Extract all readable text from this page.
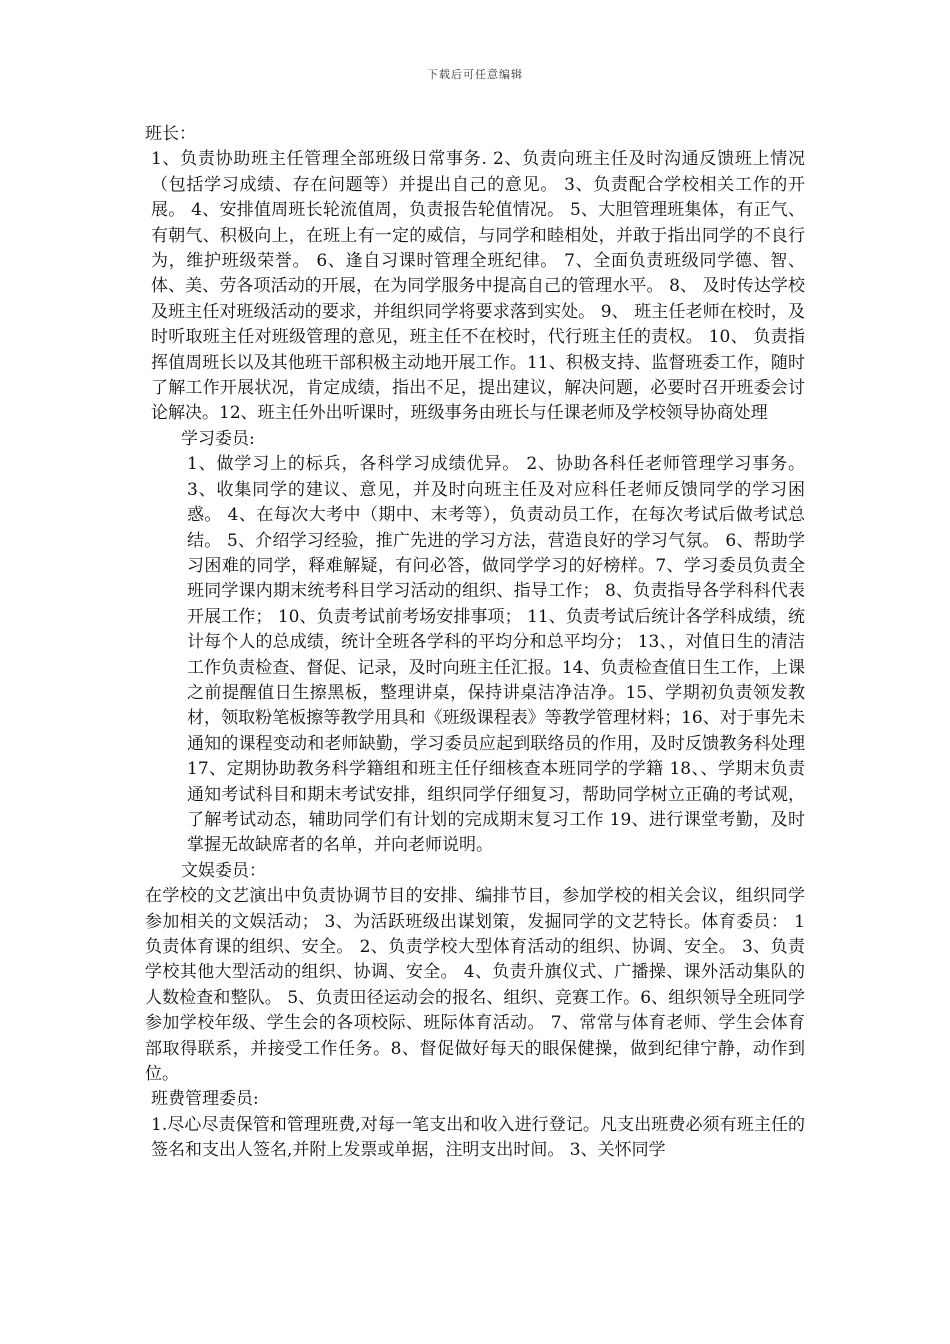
下载后可任意编辑

班长：

1、负责协助班主任管理全部班级日常事务. 2、负责向班主任及时沟通反馈班上情况（包括学习成绩、存在问题等）并提出自己的意见。 3、负责配合学校相关工作的开展。 4、安排值周班长轮流值周，负责报告轮值情况。 5、大胆管理班集体，有正气、有朝气、积极向上，在班上有一定的威信，与同学和睦相处，并敢于指出同学的不良行为，维护班级荣誉。 6、逢自习课时管理全班纪律。 7、全面负责班级同学德、智、体、美、劳各项活动的开展，在为同学服务中提高自己的管理水平。 8、 及时传达学校及班主任对班级活动的要求，并组织同学将要求落到实处。 9、 班主任老师在校时，及时听取班主任对班级管理的意见，班主任不在校时，代行班主任的责权。 10、 负责指挥值周班长以及其他班干部积极主动地开展工作。11、积极支持、监督班委工作，随时了解工作开展状况，肯定成绩，指出不足，提出建议，解决问题，必要时召开班委会讨论解决。12、班主任外出听课时，班级事务由班长与任课老师及学校领导协商处理

学习委员:

1、做学习上的标兵，各科学习成绩优异。 2、协助各科任老师管理学习事务。 3、收集同学的建议、意见，并及时向班主任及对应科任老师反馈同学的学习困惑。 4、在每次大考中（期中、末考等），负责动员工作，在每次考试后做考试总结。 5、介绍学习经验，推广先进的学习方法，营造良好的学习气氛。 6、帮助学习困难的同学，释难解疑，有问必答，做同学学习的好榜样。7、学习委员负责全班同学课内期末统考科目学习活动的组织、指导工作； 8、负责指导各学科科代表开展工作； 10、负责考试前考场安排事项； 11、负责考试后统计各学科成绩，统计每个人的总成绩，统计全班各学科的平均分和总平均分； 13、，对值日生的清洁工作负责检查、督促、记录，及时向班主任汇报。14、负责检查值日生工作，上课之前提醒值日生擦黑板，整理讲桌，保持讲桌洁净洁净。15、学期初负责领发教材，领取粉笔板擦等教学用具和《班级课程表》等教学管理材料；16、对于事先未通知的课程变动和老师缺勤，学习委员应起到联络员的作用，及时反馈教务科处理 17、定期协助教务科学籍组和班主任仔细核查本班同学的学籍 18、、学期末负责通知考试科目和期末考试安排，组织同学仔细复习，帮助同学树立正确的考试观，了解考试动态，辅助同学们有计划的完成期末复习工作 19、进行课堂考勤，及时掌握无故缺席者的名单，并向老师说明。

文娱委员：

在学校的文艺演出中负责协调节目的安排、编排节目，参加学校的相关会议，组织同学参加相关的文娱活动； 3、为活跃班级出谋划策，发掘同学的文艺特长。体育委员： 1 负责体育课的组织、安全。 2、负责学校大型体育活动的组织、协调、安全。 3、负责学校其他大型活动的组织、协调、安全。 4、负责升旗仪式、广播操、课外活动集队的人数检查和整队。 5、负责田径运动会的报名、组织、竞赛工作。6、组织领导全班同学参加学校年级、学生会的各项校际、班际体育活动。 7、常常与体育老师、学生会体育部取得联系，并接受工作任务。8、督促做好每天的眼保健操，做到纪律宁静，动作到位。

班费管理委员:

1.尽心尽责保管和管理班费,对每一笔支出和收入进行登记。凡支出班费必须有班主任的签名和支出人签名,并附上发票或单据，注明支出时间。 3、关怀同学
